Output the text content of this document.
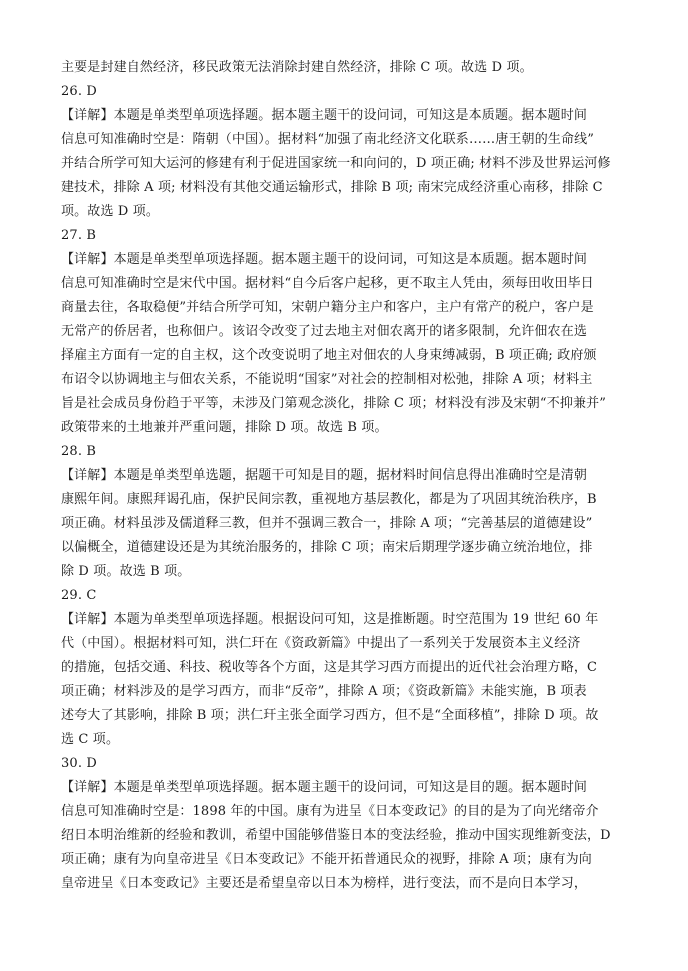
主要是封建自然经济，移民政策无法消除封建自然经济，排除 C 项。故选 D 项。
26. D
【详解】本题是单类型单项选择题。据本题主题干的设问词，可知这是本质题。据本题时间
信息可知准确时空是：隋朝（中国）。据材料“加强了南北经济文化联系……唐王朝的生命线”
并结合所学可知大运河的修建有利于促进国家统一和向问的，D 项正确; 材料不涉及世界运河修
建技术，排除 A 项; 材料没有其他交通运输形式，排除 B 项; 南宋完成经济重心南移，排除 C
项。故选 D 项。
27. B
【详解】本题是单类型单项选择题。据本题主题干的设问词，可知这是本质题。据本题时间
信息可知准确时空是宋代中国。据材料“自今后客户起移，更不取主人凭由，须每田收田毕日
商量去往，各取稳便”并结合所学可知，宋朝户籍分主户和客户，主户有常产的税户，客户是
无常产的侨居者，也称佃户。该诏令改变了过去地主对佃农离开的诸多限制，允许佃农在选
择雇主方面有一定的自主权，这个改变说明了地主对佃农的人身束缚减弱，B 项正确; 政府颁
布诏令以协调地主与佃农关系，不能说明“国家”对社会的控制相对松弛，排除 A 项；材料主
旨是社会成员身份趋于平等，未涉及门第观念淡化，排除 C 项；材料没有涉及宋朝“不抑兼并”
政策带来的土地兼并严重问题，排除 D 项。故选 B 项。
28. B
【详解】本题是单类型单选题，据题干可知是目的题，据材料时间信息得出准确时空是清朝
康熙年间。康熙拜谒孔庙，保护民间宗教，重视地方基层教化，都是为了巩固其统治秩序，B
项正确。材料虽涉及儒道释三教，但并不强调三教合一，排除 A 项；“完善基层的道德建设”
以偏概全，道德建设还是为其统治服务的，排除 C 项；南宋后期理学逐步确立统治地位，排
除 D 项。故选 B 项。
29. C
【详解】本题为单类型单项选择题。根据设问可知，这是推断题。时空范围为 19 世纪 60 年
代（中国）。根据材料可知，洪仁玕在《资政新篇》中提出了一系列关于发展资本主义经济
的措施，包括交通、科技、税收等各个方面，这是其学习西方而提出的近代社会治理方略，C
项正确；材料涉及的是学习西方，而非“反帝”，排除 A 项；《资政新篇》未能实施，B 项表
述夸大了其影响，排除 B 项；洪仁玕主张全面学习西方，但不是“全面移植”，排除 D 项。故
选 C 项。
30. D
【详解】本题是单类型单项选择题。据本题主题干的设问词，可知这是目的题。据本题时间
信息可知准确时空是：1898 年的中国。康有为进呈《日本变政记》的目的是为了向光绪帝介
绍日本明治维新的经验和教训，希望中国能够借鉴日本的变法经验，推动中国实现维新变法，D
项正确；康有为向皇帝进呈《日本变政记》不能开拓普通民众的视野，排除 A 项；康有为向
皇帝进呈《日本变政记》主要还是希望皇帝以日本为榜样，进行变法，而不是向日本学习，
